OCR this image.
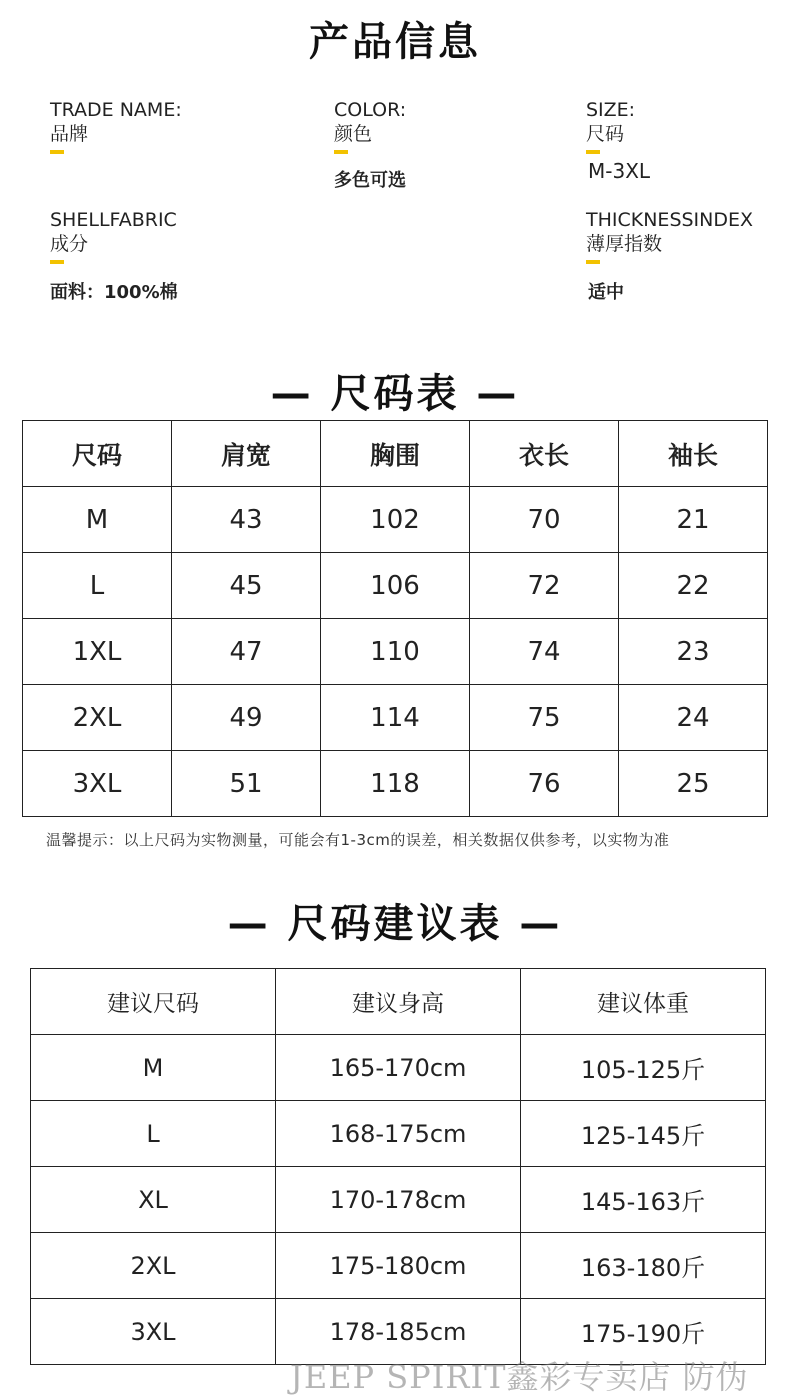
产品信息
TRADE NAME:
品牌
COLOR:
颜色
多色可选
SIZE:
尺码
M-3XL
SHELLFABRIC
成分
面料：100%棉
THICKNESSINDEX
薄厚指数
适中
— 尺码表 —
尺码	肩宽	胸围	衣长	袖长
M	43	102	70	21
L	45	106	72	22
1XL	47	110	74	23
2XL	49	114	75	24
3XL	51	118	76	25
温馨提示：以上尺码为实物测量，可能会有1-3cm的误差，相关数据仅供参考，以实物为准
— 尺码建议表 —
建议尺码	建议身高	建议体重
M	165-170cm	105-125斤
L	168-175cm	125-145斤
XL	170-178cm	145-163斤
2XL	175-180cm	163-180斤
3XL	178-185cm	175-190斤
JEEP SPIRIT鑫彩专卖店 防伪
